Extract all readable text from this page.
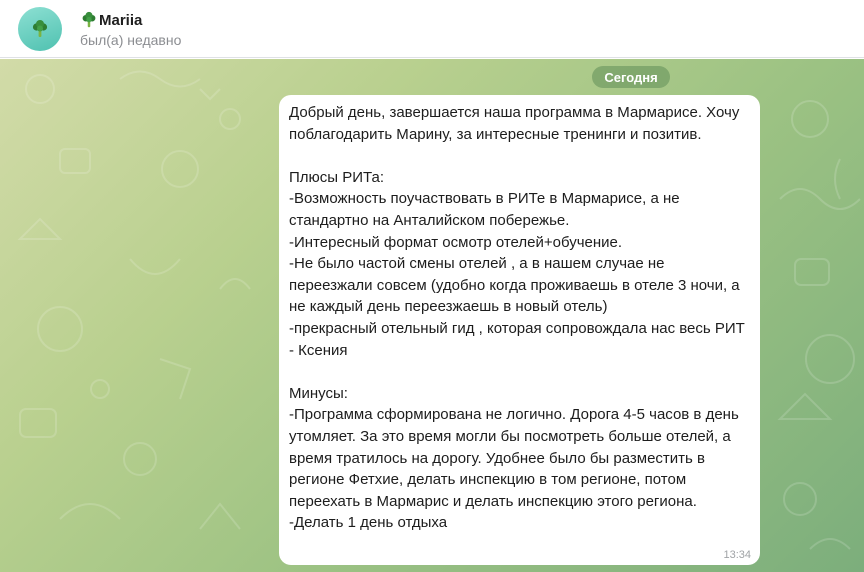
Mariia
был(а) недавно
Сегодня
Добрый день, завершается наша программа в Мармарисе. Хочу поблагодарить Марину, за интересные тренинги и позитив.

Плюсы РИТа:
-Возможность поучаствовать в РИТе в Мармарисе, а не стандартно на Анталийском побережье.
-Интересный формат осмотр отелей+обучение.
-Не было частой смены отелей , а в нашем случае не переезжали совсем (удобно когда проживаешь в отеле 3 ночи, а не каждый день переезжаешь в новый отель)
-прекрасный отельный гид , которая сопровождала нас весь РИТ - Ксения

Минусы:
-Программа сформирована не логично. Дорога 4-5 часов в день утомляет. За это время могли бы посмотреть больше отелей, а время тратилось на дорогу. Удобнее было бы разместить в регионе Фетхие, делать инспекцию в том регионе, потом переехать в Мармарис и делать инспекцию этого региона.
-Делать 1 день отдыха
13:34
